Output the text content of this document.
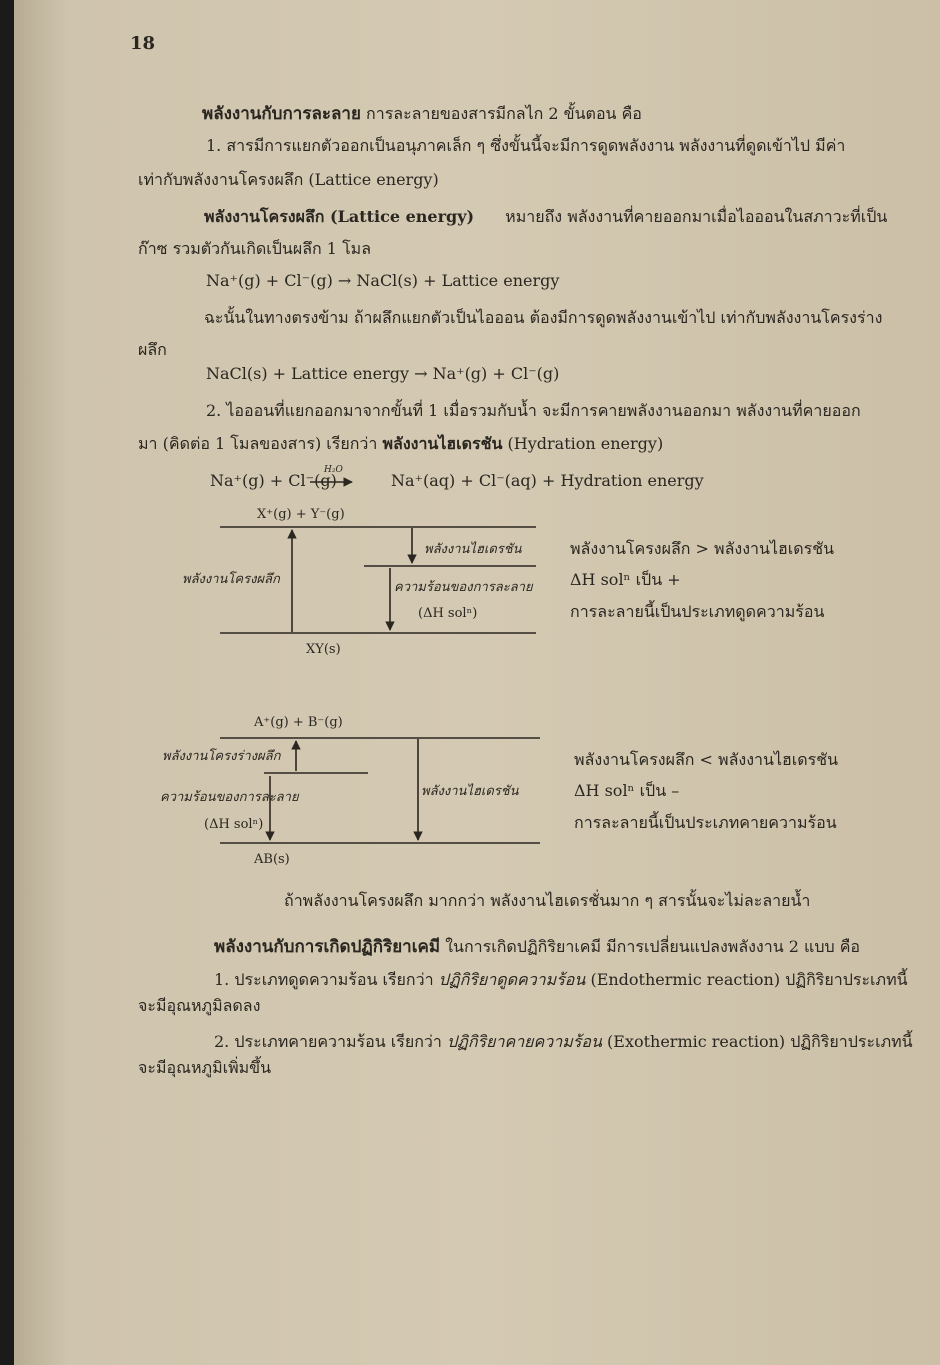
18
พลังงานกับการละลาย การละลายของสารมีกลไก 2 ขั้นตอน คือ
1. สารมีการแยกตัวออกเป็นอนุภาคเล็ก ๆ ซึ่งขั้นนี้จะมีการดูดพลังงาน พลังงานที่ดูดเข้าไป มีค่า
เท่ากับพลังงานโครงผลึก (Lattice energy)
พลังงานโครงผลึก (Lattice energy) หมายถึง พลังงานที่คายออกมาเมื่อไอออนในสภาวะที่เป็น
ก๊าซ รวมตัวกันเกิดเป็นผลึก 1 โมล
Na⁺(g) + Cl⁻(g) → NaCl(s) + Lattice energy
ฉะนั้นในทางตรงข้าม ถ้าผลึกแยกตัวเป็นไอออน ต้องมีการดูดพลังงานเข้าไป เท่ากับพลังงานโครงร่าง
ผลึก
NaCl(s) + Lattice energy → Na⁺(g) + Cl⁻(g)
2. ไอออนที่แยกออกมาจากขั้นที่ 1 เมื่อรวมกับน้ำ จะมีการคายพลังงานออกมา พลังงานที่คายออก
มา (คิดต่อ 1 โมลของสาร) เรียกว่า พลังงานไฮเดรชัน (Hydration energy)
Na⁺(g) + Cl⁻(g)	Na⁺(aq) + Cl⁻(aq) + Hydration energy
H₂O
X⁺(g) + Y⁻(g)
พลังงานโครงผลึก
พลังงานไฮเดรชัน
ความร้อนของการละลาย
(ΔH solⁿ)
XY(s)
พลังงานโครงผลึก > พลังงานไฮเดรชัน
ΔH solⁿ เป็น +
การละลายนี้เป็นประเภทดูดความร้อน
A⁺(g) + B⁻(g)
พลังงานโครงร่างผลึก
พลังงานไฮเดรชัน
ความร้อนของการละลาย
(ΔH solⁿ)
AB(s)
พลังงานโครงผลึก < พลังงานไฮเดรชัน
ΔH solⁿ เป็น –
การละลายนี้เป็นประเภทคายความร้อน
ถ้าพลังงานโครงผลึก มากกว่า พลังงานไฮเดรชั่นมาก ๆ สารนั้นจะไม่ละลายน้ำ
พลังงานกับการเกิดปฏิกิริยาเคมี ในการเกิดปฏิกิริยาเคมี มีการเปลี่ยนแปลงพลังงาน 2 แบบ คือ
1. ประเภทดูดความร้อน เรียกว่า ปฏิกิริยาดูดความร้อน (Endothermic reaction) ปฏิกิริยาประเภทนี้
จะมีอุณหภูมิลดลง
2. ประเภทคายความร้อน เรียกว่า ปฏิกิริยาคายความร้อน (Exothermic reaction) ปฏิกิริยาประเภทนี้
จะมีอุณหภูมิเพิ่มขึ้น
